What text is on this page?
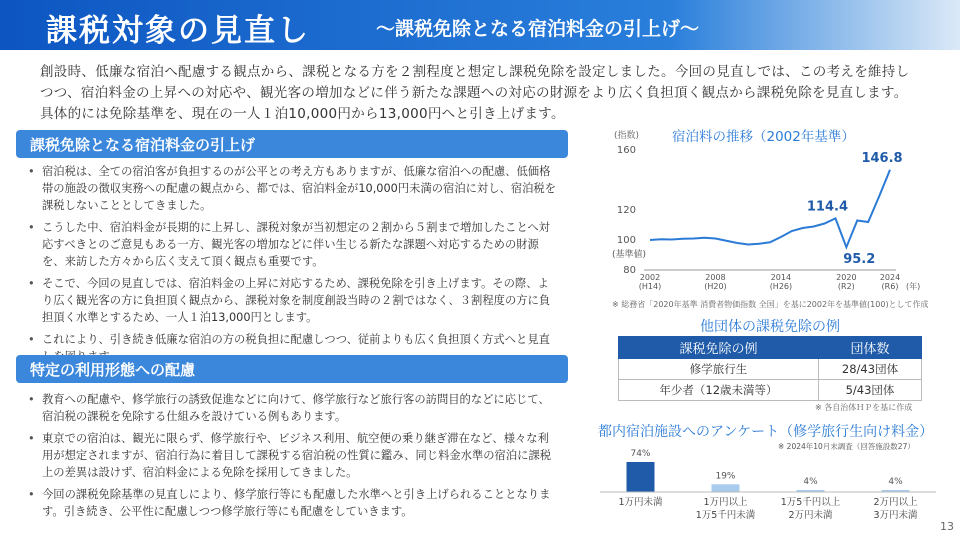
課税対象の見直し	～課税免除となる宿泊料金の引上げ～

創設時、低廉な宿泊へ配慮する観点から、課税となる方を２割程度と想定し課税免除を設定しました。今回の見直しでは、この考えを維持しつつ、宿泊料金の上昇への対応や、観光客の増加などに伴う新たな課題への対応の財源をより広く負担頂く観点から課税免除を見直します。具体的には免除基準を、現在の一人１泊10,000円から13,000円へと引き上げます。

課税免除となる宿泊料金の引上げ
• 宿泊税は、全ての宿泊客が負担するのが公平との考え方もありますが、低廉な宿泊への配慮、低価格帯の施設の徴収実務への配慮の観点から、都では、宿泊料金が10,000円未満の宿泊に対し、宿泊税を課税しないこととしてきました。
• こうした中、宿泊料金が長期的に上昇し、課税対象が当初想定の２割から５割まで増加したことへ対応すべきとのご意見もある一方、観光客の増加などに伴い生じる新たな課題へ対応するための財源を、来訪した方々から広く支えて頂く観点も重要です。
• そこで、今回の見直しでは、宿泊料金の上昇に対応するため、課税免除を引き上げます。その際、より広く観光客の方に負担頂く観点から、課税対象を制度創設当時の２割ではなく、３割程度の方に負担頂く水準とするため、一人１泊13,000円とします。
• これにより、引き続き低廉な宿泊の方の税負担に配慮しつつ、従前よりも広く負担頂く方式へと見直
特定の利用形態への配慮
• 教育への配慮や、修学旅行の誘致促進などに向けて、修学旅行など旅行客の訪問目的などに応じて、宿泊税の課税を免除する仕組みを設けている例もあります。
• 東京での宿泊は、観光に限らず、修学旅行や、ビジネス利用、航空便の乗り継ぎ滞在など、様々な利用が想定されますが、宿泊行為に着目して課税する宿泊税の性質に鑑み、同じ料金水準の宿泊に課税上の差異は設けず、宿泊料金による免除を採用してきました。
• 今回の課税免除基準の見直しにより、修学旅行等にも配慮した水準へと引き上げられることとなります。引き続き、公平性に配慮しつつ修学旅行等にも配慮をしていきます。
宿泊料の推移（2002年基準）
(指数)
80
100
120
160
(基準値)
2002
(H14)
2008
(H20)
2014
(H26)
2020
(R2)
2024
(R6) (年)
114.4
95.2
146.8
※ 総務省「2020年基準 消費者物価指数 全国」を基に2002年を基準値(100)として作成
他団体の課税免除の例
課税免除の例	団体数
修学旅行生	28/43団体
年少者（12歳未満等）	5/43団体
※ 各自治体ＨＰを基に作成
都内宿泊施設へのアンケート（修学旅行生向け料金）
※ 2024年10月末調査（回答施設数27）
74%
1万円未満
19%
1万円以上
1万5千円未満
4%
1万5千円以上
2万円未満
4%
2万円以上
3万円未満
13
